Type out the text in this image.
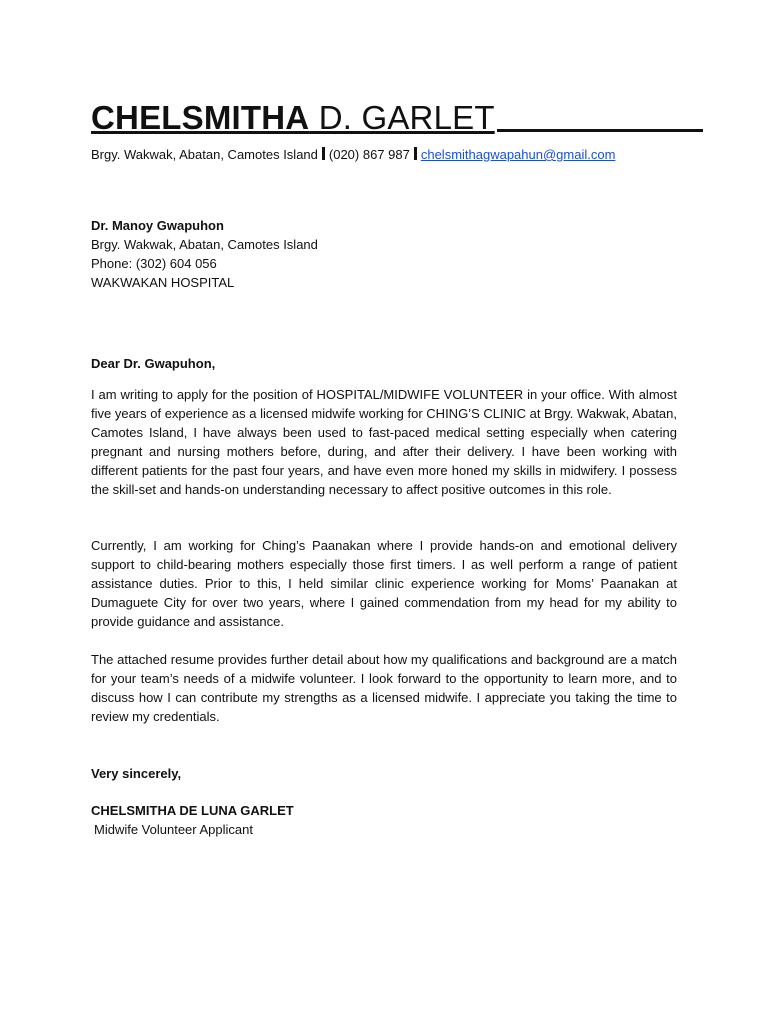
CHELSMITHA D. GARLET
Brgy. Wakwak, Abatan, Camotes Island (020) 867 987 chelsmithagwapahun@gmail.com
Dr. Manoy Gwapuhon
Brgy. Wakwak, Abatan, Camotes Island
Phone: (302) 604 056
WAKWAKAN HOSPITAL
Dear Dr. Gwapuhon,

I am writing to apply for the position of HOSPITAL/MIDWIFE VOLUNTEER in your office. With almost five years of experience as a licensed midwife working for CHING’S CLINIC at Brgy. Wakwak, Abatan, Camotes Island, I have always been used to fast-paced medical setting especially when catering pregnant and nursing mothers before, during, and after their delivery. I have been working with different patients for the past four years, and have even more honed my skills in midwifery. I possess the skill-set and hands-on understanding necessary to affect positive outcomes in this role.

Currently, I am working for Ching’s Paanakan where I provide hands-on and emotional delivery support to child-bearing mothers especially those first timers. I as well perform a range of patient assistance duties. Prior to this, I held similar clinic experience working for Moms’ Paanakan at Dumaguete City for over two years, where I gained commendation from my head for my ability to provide guidance and assistance.

The attached resume provides further detail about how my qualifications and background are a match for your team’s needs of a midwife volunteer. I look forward to the opportunity to learn more, and to discuss how I can contribute my strengths as a licensed midwife. I appreciate you taking the time to review my credentials.

Very sincerely,
CHELSMITHA DE LUNA GARLET
Midwife Volunteer Applicant
